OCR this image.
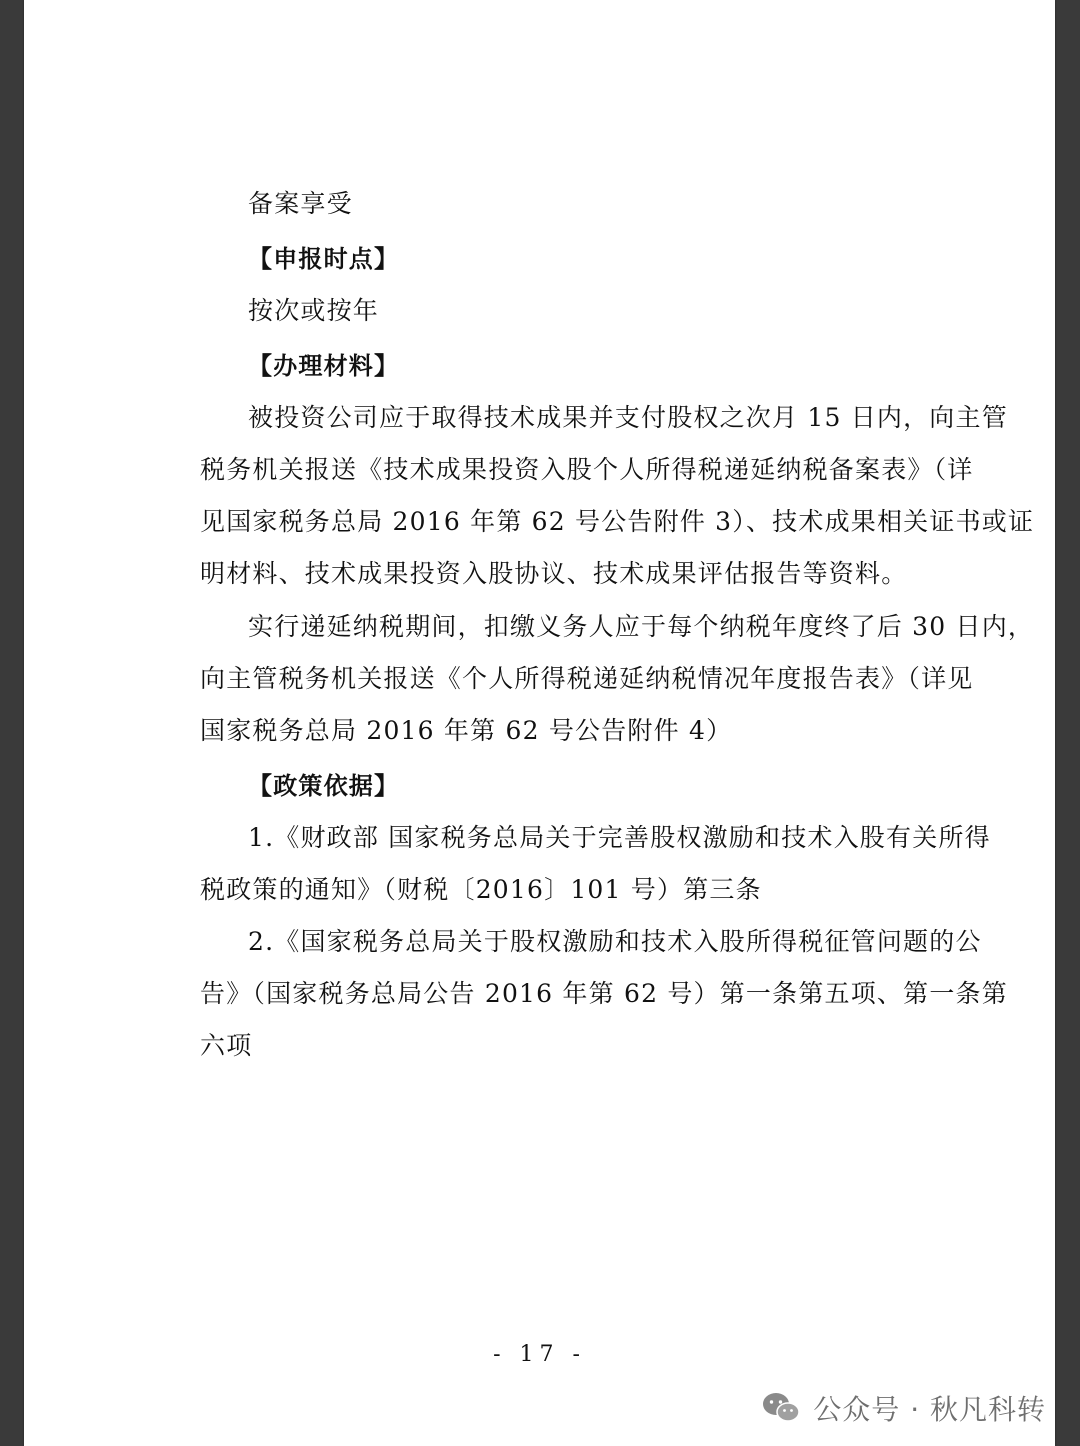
备案享受
【申报时点】
按次或按年
【办理材料】
被投资公司应于取得技术成果并支付股权之次月 15 日内，向主管
税务机关报送《技术成果投资入股个人所得税递延纳税备案表》（详
见国家税务总局 2016 年第 62 号公告附件 3）、技术成果相关证书或证
明材料、技术成果投资入股协议、技术成果评估报告等资料。
实行递延纳税期间，扣缴义务人应于每个纳税年度终了后 30 日内，
向主管税务机关报送《个人所得税递延纳税情况年度报告表》（详见
国家税务总局 2016 年第 62 号公告附件 4）
【政策依据】
1.《财政部 国家税务总局关于完善股权激励和技术入股有关所得
税政策的通知》（财税〔2016〕101 号）第三条
2.《国家税务总局关于股权激励和技术入股所得税征管问题的公
告》（国家税务总局公告 2016 年第 62 号）第一条第五项、第一条第
六项
- 17 -
公众号 · 秋凡科转
